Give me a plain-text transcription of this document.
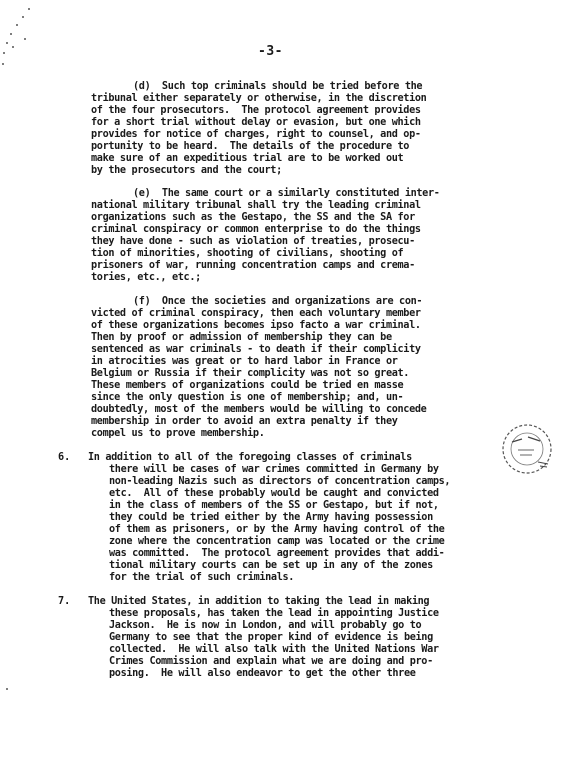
-3-
(d)  Such top criminals should be tried before the
tribunal either separately or otherwise, in the discretion
of the four prosecutors.  The protocol agreement provides
for a short trial without delay or evasion, but one which
provides for notice of charges, right to counsel, and op-
portunity to be heard.  The details of the procedure to
make sure of an expeditious trial are to be worked out
by the prosecutors and the court;
(e)  The same court or a similarly constituted inter-
national military tribunal shall try the leading criminal
organizations such as the Gestapo, the SS and the SA for
criminal conspiracy or common enterprise to do the things
they have done - such as violation of treaties, prosecu-
tion of minorities, shooting of civilians, shooting of
prisoners of war, running concentration camps and crema-
tories, etc., etc.;
(f)  Once the societies and organizations are con-
victed of criminal conspiracy, then each voluntary member
of these organizations becomes ipso facto a war criminal.
Then by proof or admission of membership they can be
sentenced as war criminals - to death if their complicity
in atrocities was great or to hard labor in France or
Belgium or Russia if their complicity was not so great.
These members of organizations could be tried en masse
since the only question is one of membership; and, un-
doubtedly, most of the members would be willing to concede
membership in order to avoid an extra penalty if they
compel us to prove membership.
6. In addition to all of the foregoing classes of criminals
there will be cases of war crimes committed in Germany by
non-leading Nazis such as directors of concentration camps,
etc.  All of these probably would be caught and convicted
in the class of members of the SS or Gestapo, but if not,
they could be tried either by the Army having possession
of them as prisoners, or by the Army having control of the
zone where the concentration camp was located or the crime
was committed.  The protocol agreement provides that addi-
tional military courts can be set up in any of the zones
for the trial of such criminals.
7. The United States, in addition to taking the lead in making
these proposals, has taken the lead in appointing Justice
Jackson.  He is now in London, and will probably go to
Germany to see that the proper kind of evidence is being
collected.  He will also talk with the United Nations War
Crimes Commission and explain what we are doing and pro-
posing.  He will also endeavor to get the other three
